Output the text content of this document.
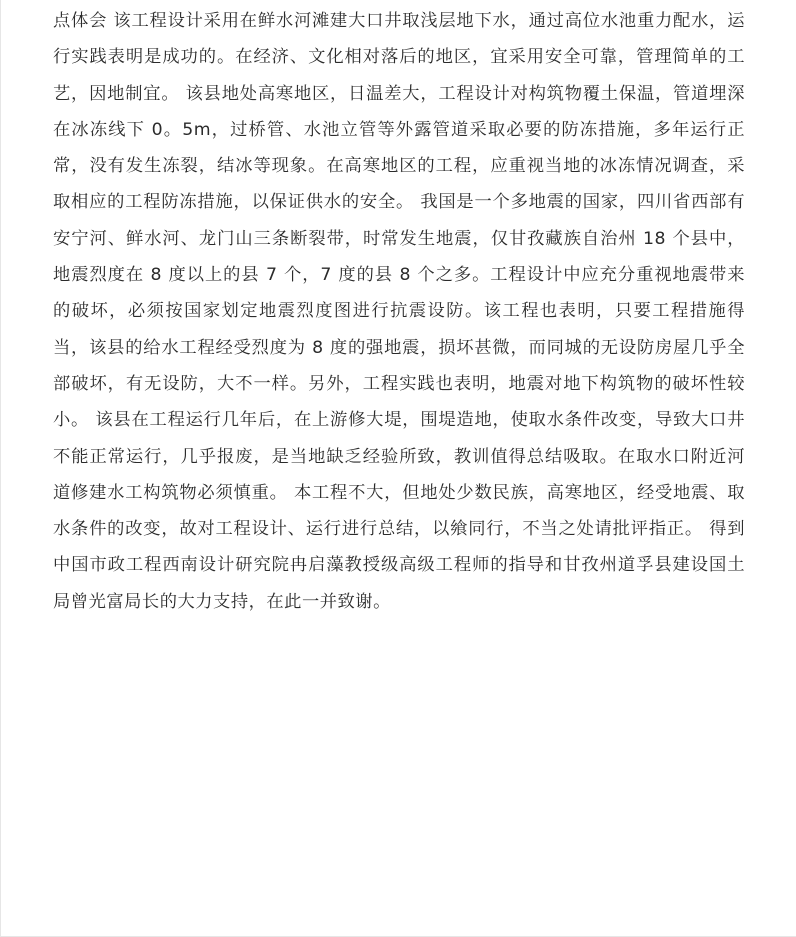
点体会 该工程设计采用在鲜水河滩建大口井取浅层地下水，通过高位水池重力配水，运行实践表明是成功的。在经济、文化相对落后的地区，宜采用安全可靠，管理简单的工艺，因地制宜。 该县地处高寒地区，日温差大，工程设计对构筑物覆土保温，管道埋深在冰冻线下 0。5m，过桥管、水池立管等外露管道采取必要的防冻措施，多年运行正常，没有发生冻裂，结冰等现象。在高寒地区的工程，应重视当地的冰冻情况调查，采取相应的工程防冻措施，以保证供水的安全。 我国是一个多地震的国家，四川省西部有安宁河、鲜水河、龙门山三条断裂带，时常发生地震，仅甘孜藏族自治州 18 个县中，地震烈度在 8 度以上的县 7 个，7 度的县 8 个之多。工程设计中应充分重视地震带来的破坏，必须按国家划定地震烈度图进行抗震设防。该工程也表明，只要工程措施得当，该县的给水工程经受烈度为 8 度的强地震，损坏甚微，而同城的无设防房屋几乎全部破坏，有无设防，大不一样。另外，工程实践也表明，地震对地下构筑物的破坏性较小。 该县在工程运行几年后，在上游修大堤，围堤造地，使取水条件改变，导致大口井不能正常运行，几乎报废，是当地缺乏经验所致，教训值得总结吸取。在取水口附近河道修建水工构筑物必须慎重。 本工程不大，但地处少数民族，高寒地区，经受地震、取水条件的改变，故对工程设计、运行进行总结，以飨同行，不当之处请批评指正。 得到中国市政工程西南设计研究院冉启藻教授级高级工程师的指导和甘孜州道孚县建设国土局曾光富局长的大力支持，在此一并致谢。
